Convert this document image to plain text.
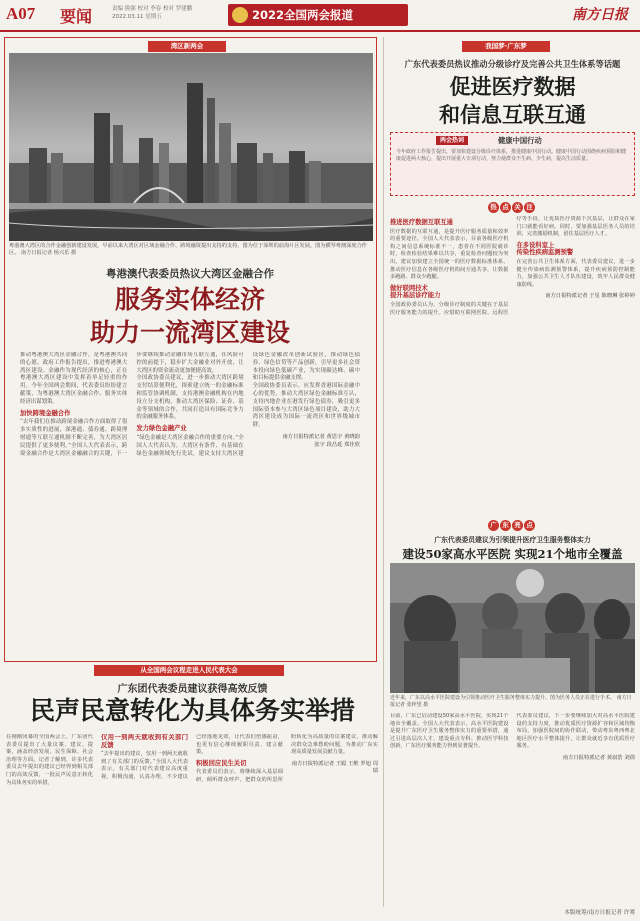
A07 要闻	责编 熊强 校对 李春 校对 罗建鹏
2022.03.11 星期五	2022全国两会报道	南方日报
湾区新两会
粤港澳大湾区的合作金融创新建设发展。早前以来大湾区对区域金融合作、跨境融资提出支持的支持，图为位于深圳的前海片区发展。图为横琴粤澳深度合作区。 南方日报记者 杨兴乐 摄
粤港澳代表委员热议大湾区金融合作
服务实体经济
助力一流湾区建设

推动粤港澳大湾区金融合作，是粤港澳共同的心愿。政府工作报告提出，推进粤港澳大湾区建设。金融作为现代经济的核心，正在粤港澳大湾区建设中发挥着举足轻重的作用。今年全国两会期间，代表委员纷纷建言献策，为粤港澳大湾区金融合作、服务实体经济出谋划策。

加快跨境金融合作

“去年我们在推动跨境金融合作方面取得了很多实质性的进展，深港通、债券通、跨境理财通等互联互通机制不断完善，为大湾区居民提供了更多便利。”全国人大代表表示，跨境金融合作是大湾区金融融合的关键，下一步要继续推动金融市场互联互通，在风险可控的前提下，稳步扩大金融业对外开放，让大湾区的资金流动更加便捷高效。

全国政协委员建议，进一步推动大湾区跨境支付结算便利化，探索建立统一的金融标准和监管协调机制，支持港澳金融机构在内地设立分支机构，推动大湾区保险、证券、基金等领域的合作，共同打造具有国际竞争力的金融服务体系。

发力绿色金融产业

“绿色金融是大湾区金融合作的重要方向。”全国人大代表认为，大湾区有条件、有基础在绿色金融领域先行先试，建议支持大湾区建设绿色金融改革创新试验区，推动绿色债券、绿色信贷等产品创新，引导更多社会资本投向绿色低碳产业，为实现碳达峰、碳中和目标提供金融支撑。

全国政协委员表示，应发挥香港国际金融中心的优势，推动大湾区绿色金融标准互认，支持内地企业在港发行绿色债券，吸引更多国际资本参与大湾区绿色项目建设，助力大湾区建设成为国际一流湾区和世界级城市群。

南方日报特派记者 黄思宇 黄晓韵
张宇 段昌延 郑佳欣
我国梦·广东梦
广东代表委员热议推动分级诊疗及完善公共卫生体系等话题
促进医疗数据
和信息互联互通
两会热词	健康中国行动
今年政府工作报告提出，要加快建设分级诊疗体系，推进健康中国行动。健康中国行动围绕疾病预防和健康促进两大核心，提出开展重大专项行动，努力使群众不生病、少生病，提高生活质量。
热 点 关 注
推进医疗数据互联互通

医疗数据的互联互通，是提升医疗服务质量和效率的重要途径。全国人大代表表示，目前各级医疗机构之间信息系统标准不一，患者在不同医院就诊时，检查检验结果难以共享，重复检查问题较为突出。建议加快建立全国统一的医疗数据标准体系，推动医疗信息在各级医疗机构间互通共享，让数据多跑路、群众少跑腿。

做好联网技术
提升基层诊疗能力

全国政协委员认为，分级诊疗制度的关键在于基层医疗服务能力的提升。应借助互联网医院、远程医疗等手段，让优质医疗资源下沉基层，让群众在家门口就能看好病。同时，要加强基层医务人员的培训，完善激励机制，留住基层医疗人才。

在多设科室上
传染性疾病监测预警

在完善公共卫生体系方面，代表委员建议，进一步健全传染病监测预警体系，提升疾病预防控制能力，加强公共卫生人才队伍建设，筑牢人民群众健康防线。

南方日报特派记者 于星 陈晓琳 张婷婷
广 东 亮 点
广东代表委员建议为引领提升医疗卫生服务整体实力
建设50家高水平医院 实现21个地市全覆盖
近年来，广东以高水平医院建设为引领推动医疗卫生服务整体实力提升。图为医务人员正在进行手术。 南方日报记者 张梓望 摄

目前，广东已启动建设50家高水平医院，实现21个地市全覆盖。全国人大代表表示，高水平医院建设是提升广东医疗卫生服务整体实力的重要举措，通过引进高层次人才、建设重点专科、推动医学科技创新，广东医疗服务能力得到显著提升。

代表委员建议，下一步要继续加大对高水平医院建设的支持力度，推动优质医疗资源扩容和区域均衡布局，加强医院间的协作联动，带动粤东粤西粤北地区医疗水平整体提升，让群众就近享有优质医疗服务。

南方日报特派记者 黄叙浩 刘倩
从全国两会议程走进人民代表大会
广东团代表委员建议获得高效反馈
民声民意转化为具体务实举措

在刚刚闭幕的全国两会上，广东团代表委员提出了大量议案、建议、提案，涵盖经济发展、民生保障、社会治理等方面。记者了解到，许多代表委员去年提出的建议已经得到相关部门的高效反馈，一批民声民意正转化为具体务实的举措。

仅用一到两天就收到有关部门反馈

“去年提出的建议，仅用一到两天就收到了有关部门的反馈。”全国人大代表表示，有关部门对代表建议高度重视，积极沟通，认真办理，不少建议已经落地见效，让代表们倍感振奋，也更有信心继续履职尽责、建言献策。

积极回应民生关切

代表委员们表示，将继续深入基层调研，倾听群众呼声，把群众的所思所盼转化为高质量的议案建议，推动解决群众急难愁盼问题，为推动广东实现高质量发展贡献力量。

南方日报特派记者 王聪 王维 罗旭 周瑞
本版统筹/南方日报记者 许骞
